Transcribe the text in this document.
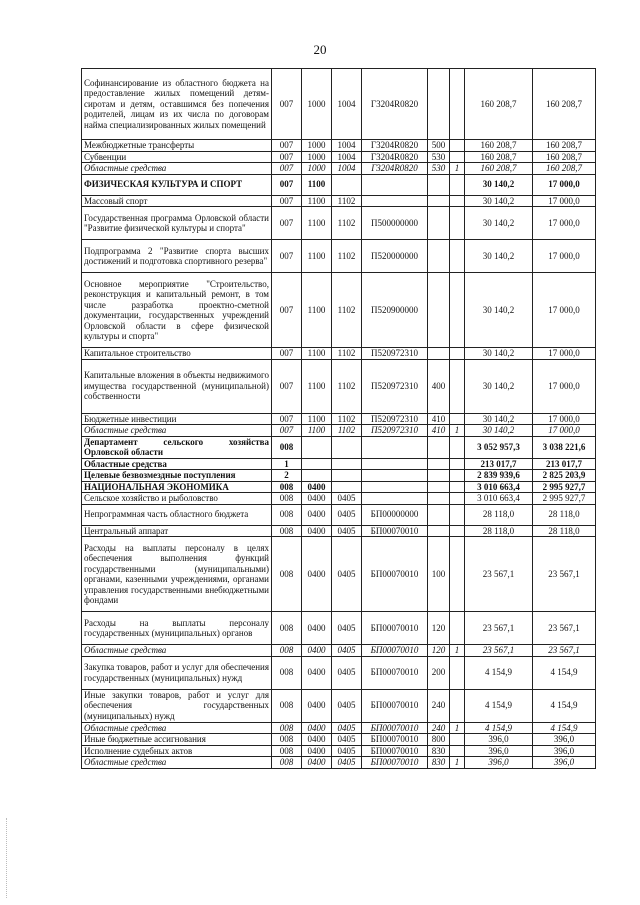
20
Софинансирование из областного бюджета на предоставление жилых помещений детям-сиротам и детям, оставшимся без попечения родителей, лицам из их числа по договорам найма специализированных жилых помещений	007	1000	1004	Г3204R0820			160 208,7	160 208,7
Межбюджетные трансферты	007	1000	1004	Г3204R0820	500		160 208,7	160 208,7
Субвенции	007	1000	1004	Г3204R0820	530		160 208,7	160 208,7
Областные средства	007	1000	1004	Г3204R0820	530	1	160 208,7	160 208,7
ФИЗИЧЕСКАЯ КУЛЬТУРА И СПОРТ	007	1100					30 140,2	17 000,0
Массовый спорт	007	1100	1102				30 140,2	17 000,0
Государственная программа Орловской области "Развитие физической культуры и спорта"	007	1100	1102	П500000000			30 140,2	17 000,0
Подпрограмма 2 "Развитие спорта высших достижений и подготовка спортивного резерва"	007	1100	1102	П520000000			30 140,2	17 000,0
Основное мероприятие "Строительство, реконструкция и капитальный ремонт, в том числе разработка проектно-сметной документации, государственных учреждений Орловской области в сфере физической культуры и спорта"	007	1100	1102	П520900000			30 140,2	17 000,0
Капитальное строительство	007	1100	1102	П520972310			30 140,2	17 000,0
Капитальные вложения в объекты недвижимого имущества государственной (муниципальной) собственности	007	1100	1102	П520972310	400		30 140,2	17 000,0
Бюджетные инвестиции	007	1100	1102	П520972310	410		30 140,2	17 000,0
Областные средства	007	1100	1102	П520972310	410	1	30 140,2	17 000,0
Департамент сельского хозяйства Орловской области	008						3 052 957,3	3 038 221,6
Областные средства	1						213 017,7	213 017,7
Целевые безвозмездные поступления	2						2 839 939,6	2 825 203,9
НАЦИОНАЛЬНАЯ ЭКОНОМИКА	008	0400					3 010 663,4	2 995 927,7
Сельское хозяйство и рыболовство	008	0400	0405				3 010 663,4	2 995 927,7
Непрограммная часть областного бюджета	008	0400	0405	БП00000000			28 118,0	28 118,0
Центральный аппарат	008	0400	0405	БП00070010			28 118,0	28 118,0
Расходы на выплаты персоналу в целях обеспечения выполнения функций государственными (муниципальными) органами, казенными учреждениями, органами управления государственными внебюджетными фондами	008	0400	0405	БП00070010	100		23 567,1	23 567,1
Расходы на выплаты персоналу государственных (муниципальных) органов	008	0400	0405	БП00070010	120		23 567,1	23 567,1
Областные средства	008	0400	0405	БП00070010	120	1	23 567,1	23 567,1
Закупка товаров, работ и услуг для обеспечения государственных (муниципальных) нужд	008	0400	0405	БП00070010	200		4 154,9	4 154,9
Иные закупки товаров, работ и услуг для обеспечения государственных (муниципальных) нужд	008	0400	0405	БП00070010	240		4 154,9	4 154,9
Областные средства	008	0400	0405	БП00070010	240	1	4 154,9	4 154,9
Иные бюджетные ассигнования	008	0400	0405	БП00070010	800		396,0	396,0
Исполнение судебных актов	008	0400	0405	БП00070010	830		396,0	396,0
Областные средства	008	0400	0405	БП00070010	830	1	396,0	396,0
